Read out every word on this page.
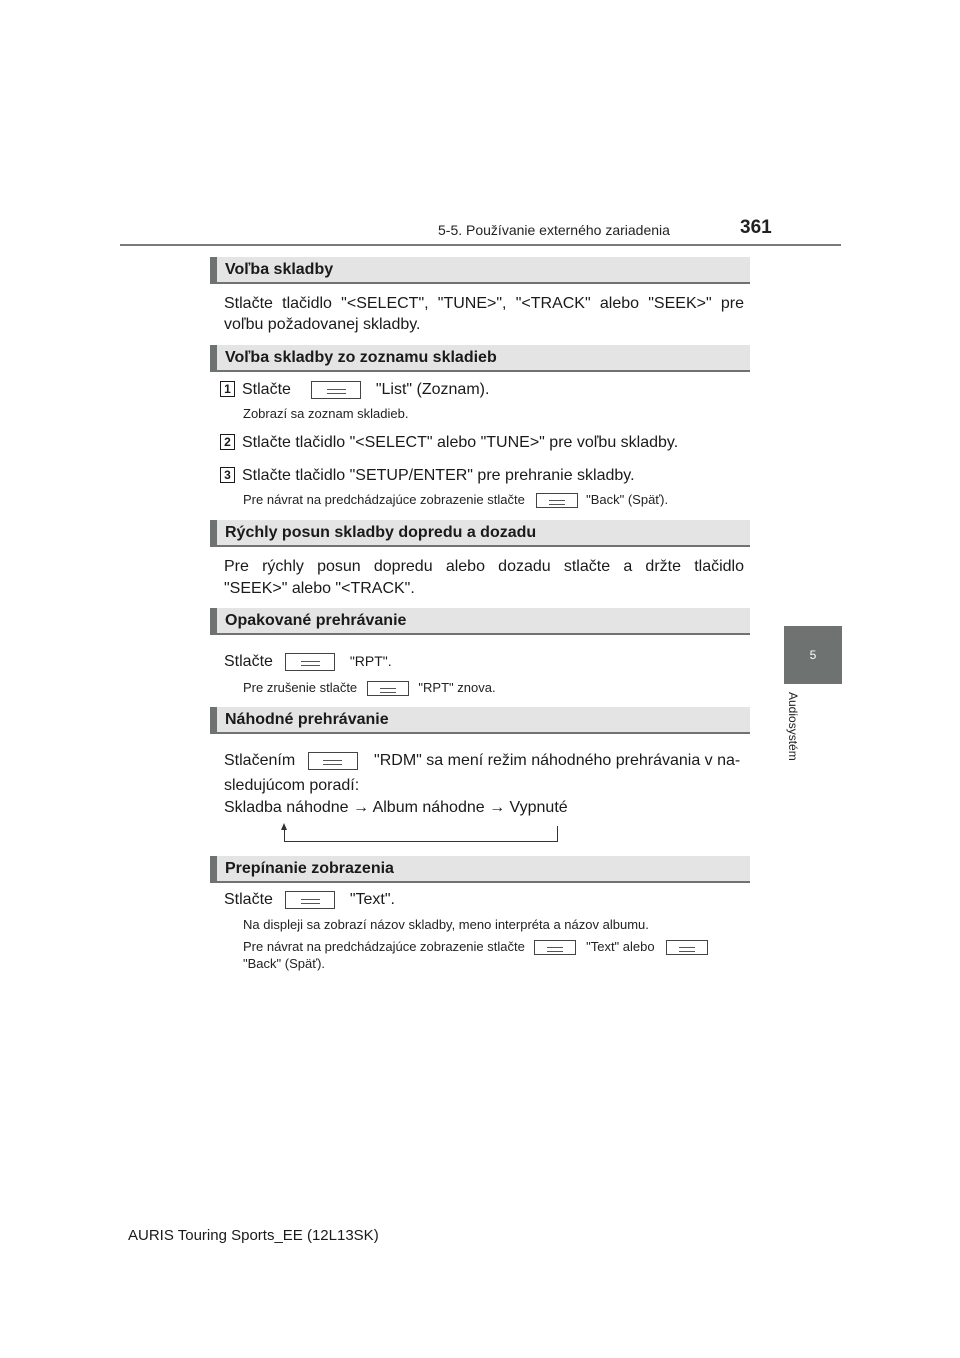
5-5. Používanie externého zariadenia	361
5
Audiosystém
Voľba skladby
Stlačte tlačidlo "<SELECT", "TUNE>", "<TRACK" alebo "SEEK>" pre
voľbu požadovanej skladby.
Voľba skladby zo zoznamu skladieb
1 Stlačte	"List" (Zoznam).
Zobrazí sa zoznam skladieb.
2 Stlačte tlačidlo "<SELECT" alebo "TUNE>" pre voľbu skladby.
3 Stlačte tlačidlo "SETUP/ENTER" pre prehranie skladby.
Pre návrat na predchádzajúce zobrazenie stlačte	"Back" (Späť).
Rýchly posun skladby dopredu a dozadu
Pre rýchly posun dopredu alebo dozadu stlačte a držte tlačidlo
"SEEK>" alebo "<TRACK".
Opakované prehrávanie
Stlačte	"RPT".
Pre zrušenie stlačte	"RPT" znova.
Náhodné prehrávanie
Stlačením	"RDM" sa mení režim náhodného prehrávania v na-
sledujúcom poradí:
Skladba náhodne → Album náhodne → Vypnuté
Prepínanie zobrazenia
Stlačte	"Text".
Na displeji sa zobrazí názov skladby, meno interpréta a názov albumu.
Pre návrat na predchádzajúce zobrazenie stlačte	"Text" alebo
"Back" (Späť).
AURIS Touring Sports_EE (12L13SK)
